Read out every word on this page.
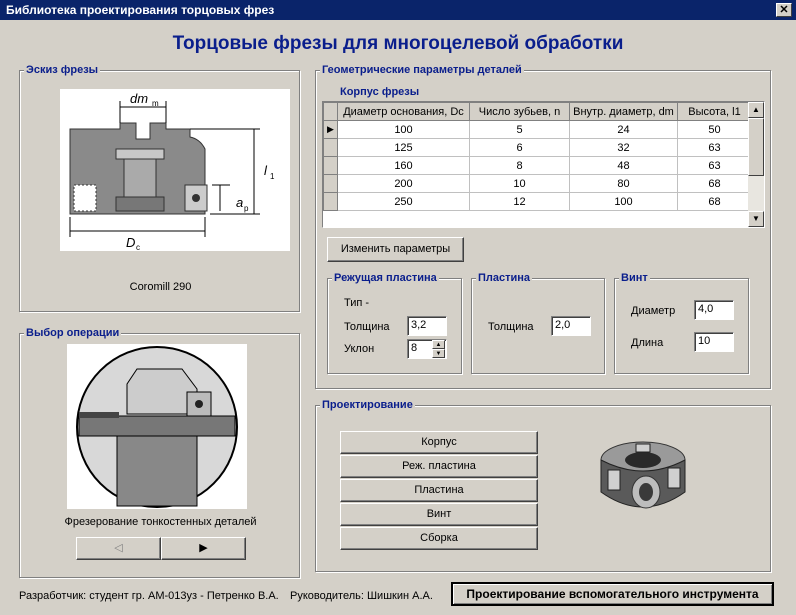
Библиотека проектирования торцовых фрез	✕
Торцовые фрезы для многоцелевой обработки
Эскиз фрезы
dm m
l 1
a p
D c
Coromill 290
Выбор операции
Фрезерование тонкостенных деталей
◁	▶
Геометрические параметры деталей
Корпус фрезы
	Диаметр основания, Dc	Число зубьев, n	Внутр. диаметр, dm	Высота, l1
▶	100	5	24	50
	125	6	32	63
	160	8	48	63
	200	10	80	68
	250	12	100	68
▲
▼
Изменить параметры
Режущая пластина
Тип -
Толщина	3,2
Уклон	8	▲
▼
Пластина
Толщина	2,0
Винт
Диаметр	4,0
Длина	10
Проектирование
Корпус
Реж. пластина
Пластина
Винт
Сборка
Разработчик: студент гр. АМ-013уз - Петренко В.А. Руководитель: Шишкин А.А.	Проектирование вспомогательного инструмента
